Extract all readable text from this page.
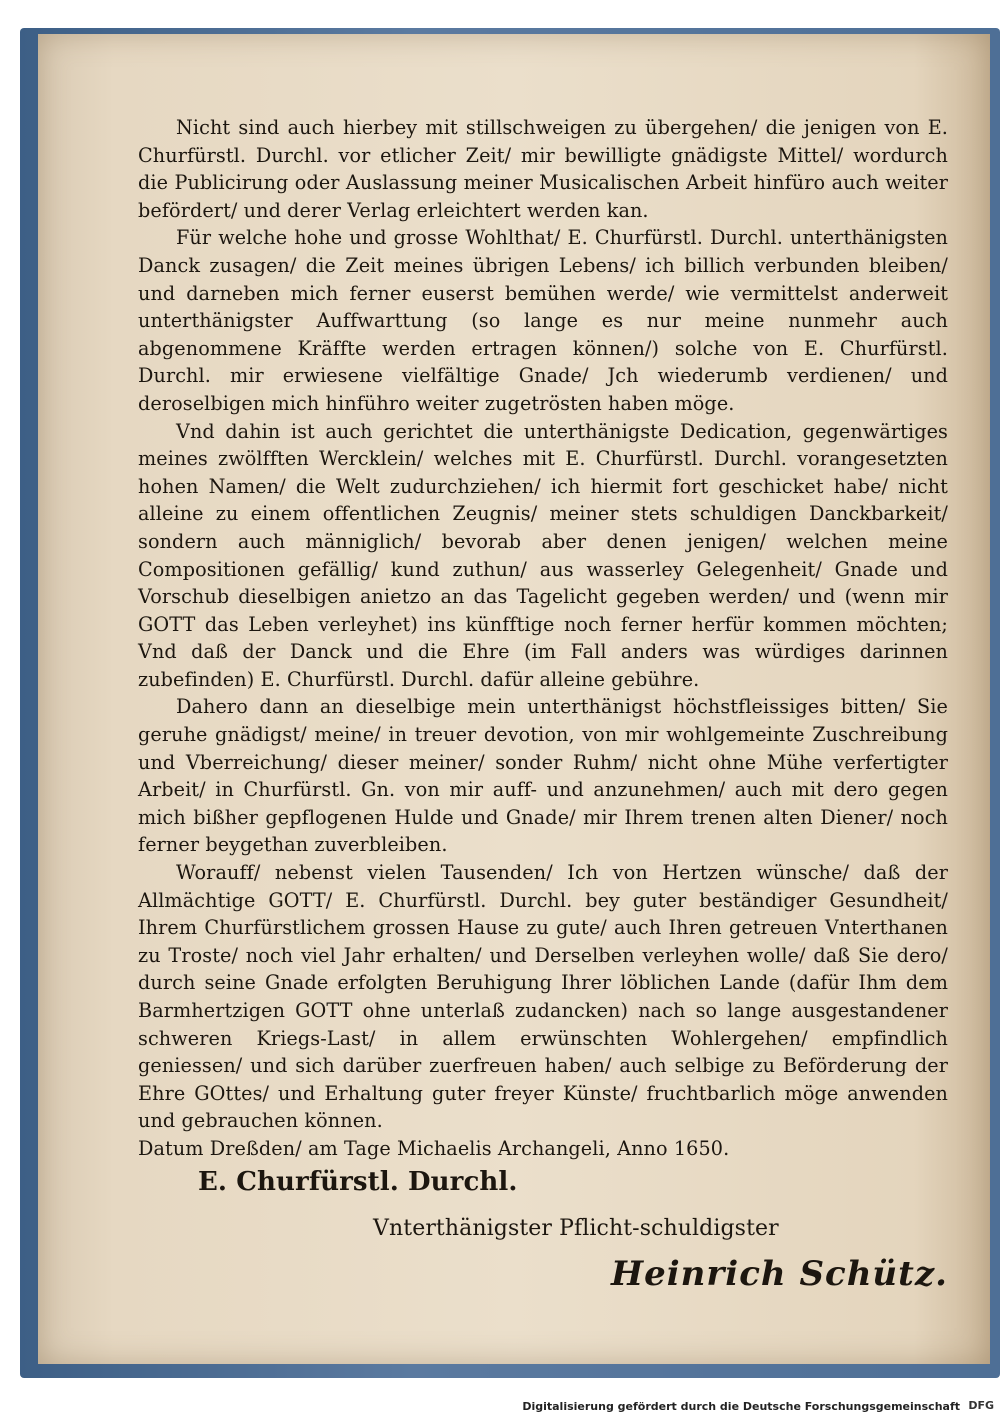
Nicht sind auch hierbey mit stillschweigen zu übergehen/ die jenigen von E. Churfürstl. Durchl. vor etlicher Zeit/ mir bewilligte gnädigste Mittel/ wordurch die Publicirung oder Auslassung meiner Musicalischen Arbeit hinfüro auch weiter befördert/ und derer Verlag erleichtert werden kan.

Für welche hohe und grosse Wohlthat/ E. Churfürstl. Durchl. unterthänigsten Danck zusagen/ die Zeit meines übrigen Lebens/ ich billich verbunden bleiben/ und darneben mich ferner euserst bemühen werde/ wie vermittelst anderweit unterthänigster Auffwarttung (so lange es nur meine nunmehr auch abgenommene Kräffte werden ertragen können/) solche von E. Churfürstl. Durchl. mir erwiesene vielfältige Gnade/ Jch wiederumb verdienen/ und deroselbigen mich hinführo weiter zugetrösten haben möge.

Vnd dahin ist auch gerichtet die unterthänigste Dedication, gegenwärtiges meines zwölfften Wercklein/ welches mit E. Churfürstl. Durchl. vorangesetzten hohen Namen/ die Welt zudurchziehen/ ich hiermit fort geschicket habe/ nicht alleine zu einem offentlichen Zeugnis/ meiner stets schuldigen Danckbarkeit/ sondern auch männiglich/ bevorab aber denen jenigen/ welchen meine Compositionen gefällig/ kund zuthun/ aus wasserley Gelegenheit/ Gnade und Vorschub dieselbigen anietzo an das Tagelicht gegeben werden/ und (wenn mir GOTT das Leben verleyhet) ins künfftige noch ferner herfür kommen möchten; Vnd daß der Danck und die Ehre (im Fall anders was würdiges darinnen zubefinden) E. Churfürstl. Durchl. dafür alleine gebühre.

Dahero dann an dieselbige mein unterthänigst höchstfleissiges bitten/ Sie geruhe gnädigst/ meine/ in treuer devotion, von mir wohlgemeinte Zuschreibung und Vberreichung/ dieser meiner/ sonder Ruhm/ nicht ohne Mühe verfertigter Arbeit/ in Churfürstl. Gn. von mir auff- und anzunehmen/ auch mit dero gegen mich bißher gepflogenen Hulde und Gnade/ mir Ihrem trenen alten Diener/ noch ferner beygethan zuverbleiben.

Worauff/ nebenst vielen Tausenden/ Ich von Hertzen wünsche/ daß der Allmächtige GOTT/ E. Churfürstl. Durchl. bey guter beständiger Gesundheit/ Ihrem Churfürstlichem grossen Hause zu gute/ auch Ihren getreuen Vnterthanen zu Troste/ noch viel Jahr erhalten/ und Derselben verleyhen wolle/ daß Sie dero/ durch seine Gnade erfolgten Beruhigung Ihrer löblichen Lande (dafür Ihm dem Barmhertzigen GOTT ohne unterlaß zudancken) nach so lange ausgestandener schweren Kriegs-Last/ in allem erwünschten Wohlergehen/ empfindlich geniessen/ und sich darüber zuerfreuen haben/ auch selbige zu Beförderung der Ehre GOttes/ und Erhaltung guter freyer Künste/ fruchtbarlich möge anwenden und gebrauchen können.

Datum Dreßden/ am Tage Michaelis Archangeli, Anno 1650.

E. Churfürstl. Durchl.
Vnterthänigster Pflicht-schuldigster
Heinrich Schütz.
Digitalisierung gefördert durch die Deutsche Forschungsgemeinschaft DFG
